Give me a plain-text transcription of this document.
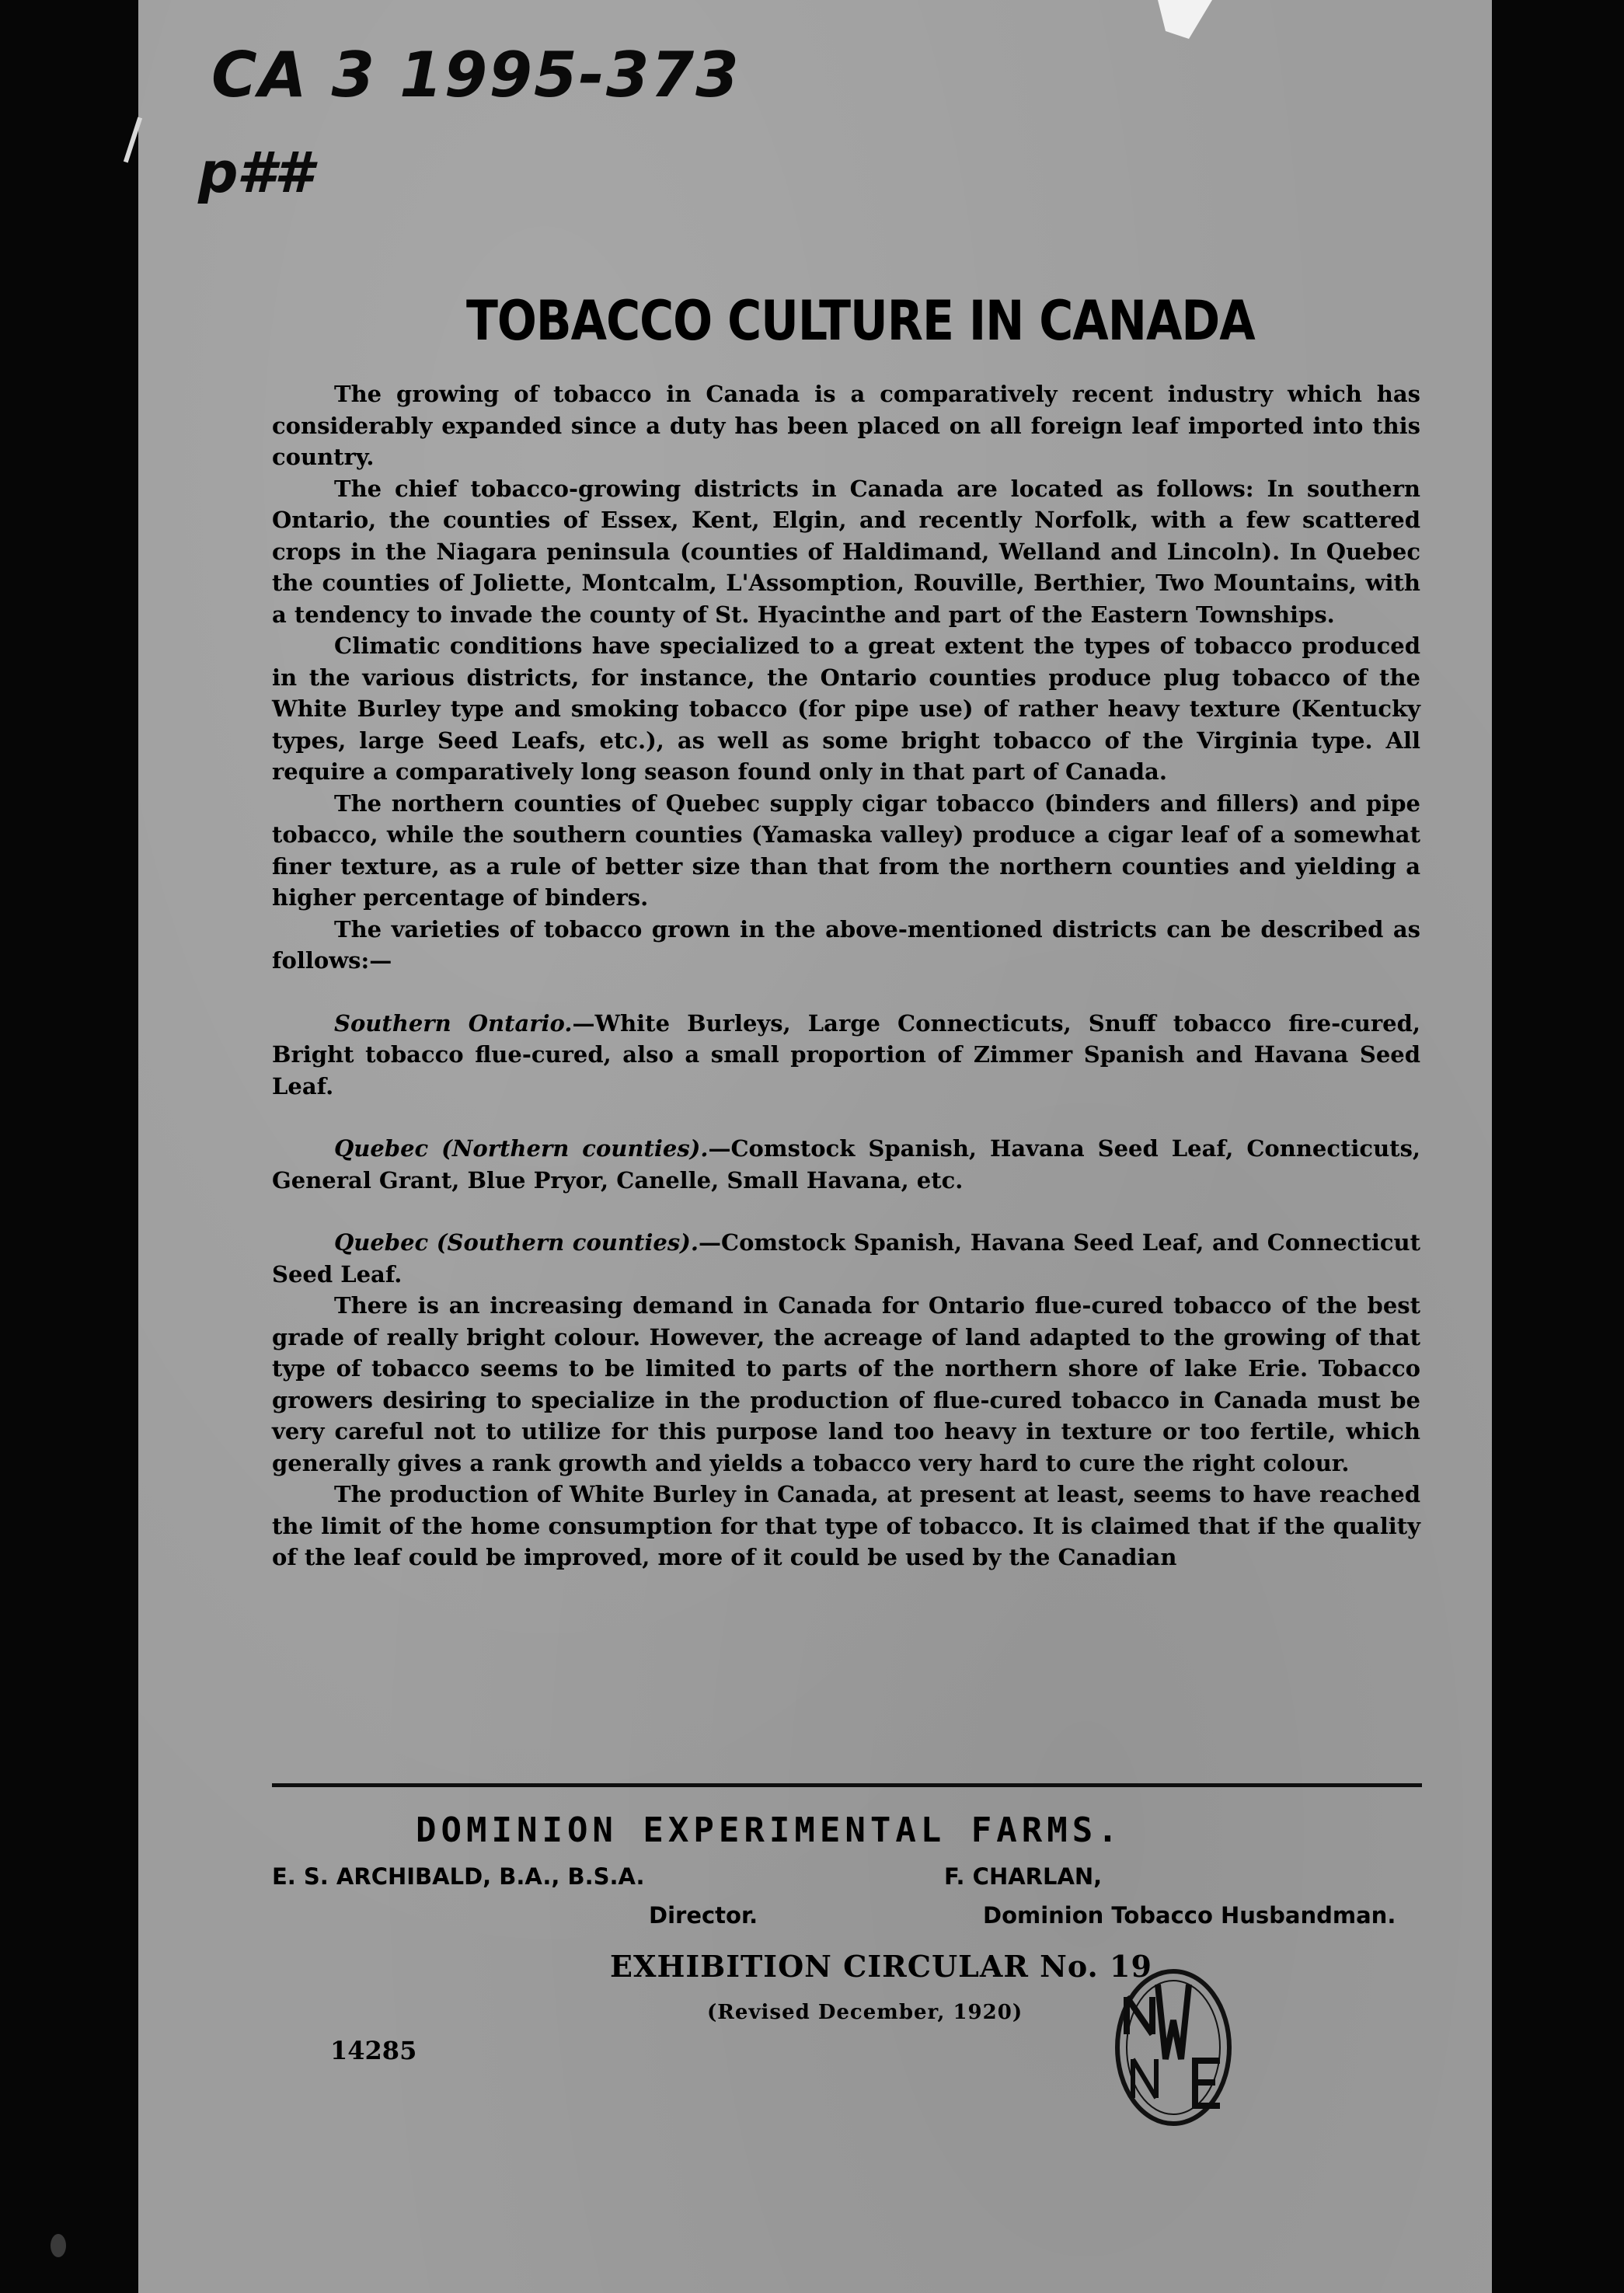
CA 3 1995-373
p##
TOBACCO CULTURE IN CANADA

The growing of tobacco in Canada is a comparatively recent industry which has considerably expanded since a duty has been placed on all foreign leaf imported into this country.

The chief tobacco-growing districts in Canada are located as follows: In southern Ontario, the counties of Essex, Kent, Elgin, and recently Norfolk, with a few scattered crops in the Niagara peninsula (counties of Haldimand, Welland and Lincoln). In Quebec the counties of Joliette, Montcalm, L'Assomption, Rouville, Berthier, Two Mountains, with a tendency to invade the county of St. Hyacinthe and part of the Eastern Townships.

Climatic conditions have specialized to a great extent the types of tobacco produced in the various districts, for instance, the Ontario counties produce plug tobacco of the White Burley type and smoking tobacco (for pipe use) of rather heavy texture (Kentucky types, large Seed Leafs, etc.), as well as some bright tobacco of the Virginia type. All require a comparatively long season found only in that part of Canada.

The northern counties of Quebec supply cigar tobacco (binders and fillers) and pipe tobacco, while the southern counties (Yamaska valley) produce a cigar leaf of a somewhat finer texture, as a rule of better size than that from the northern counties and yielding a higher percentage of binders.

The varieties of tobacco grown in the above-mentioned districts can be described as follows:—

Southern Ontario.—White Burleys, Large Connecticuts, Snuff tobacco fire-cured, Bright tobacco flue-cured, also a small proportion of Zimmer Spanish and Havana Seed Leaf.

Quebec (Northern counties).—Comstock Spanish, Havana Seed Leaf, Connecticuts, General Grant, Blue Pryor, Canelle, Small Havana, etc.

Quebec (Southern counties).—Comstock Spanish, Havana Seed Leaf, and Connecticut Seed Leaf.

There is an increasing demand in Canada for Ontario flue-cured tobacco of the best grade of really bright colour. However, the acreage of land adapted to the growing of that type of tobacco seems to be limited to parts of the northern shore of lake Erie. Tobacco growers desiring to specialize in the production of flue-cured tobacco in Canada must be very careful not to utilize for this purpose land too heavy in texture or too fertile, which generally gives a rank growth and yields a tobacco very hard to cure the right colour.

The production of White Burley in Canada, at present at least, seems to have reached the limit of the home consumption for that type of tobacco. It is claimed that if the quality of the leaf could be improved, more of it could be used by the Canadian

DOMINION EXPERIMENTAL FARMS.
E. S. ARCHIBALD, B.A., B.S.A.
Director.
F. CHARLAN,
Dominion Tobacco Husbandman.
EXHIBITION CIRCULAR No. 19
(Revised December, 1920)
14285
